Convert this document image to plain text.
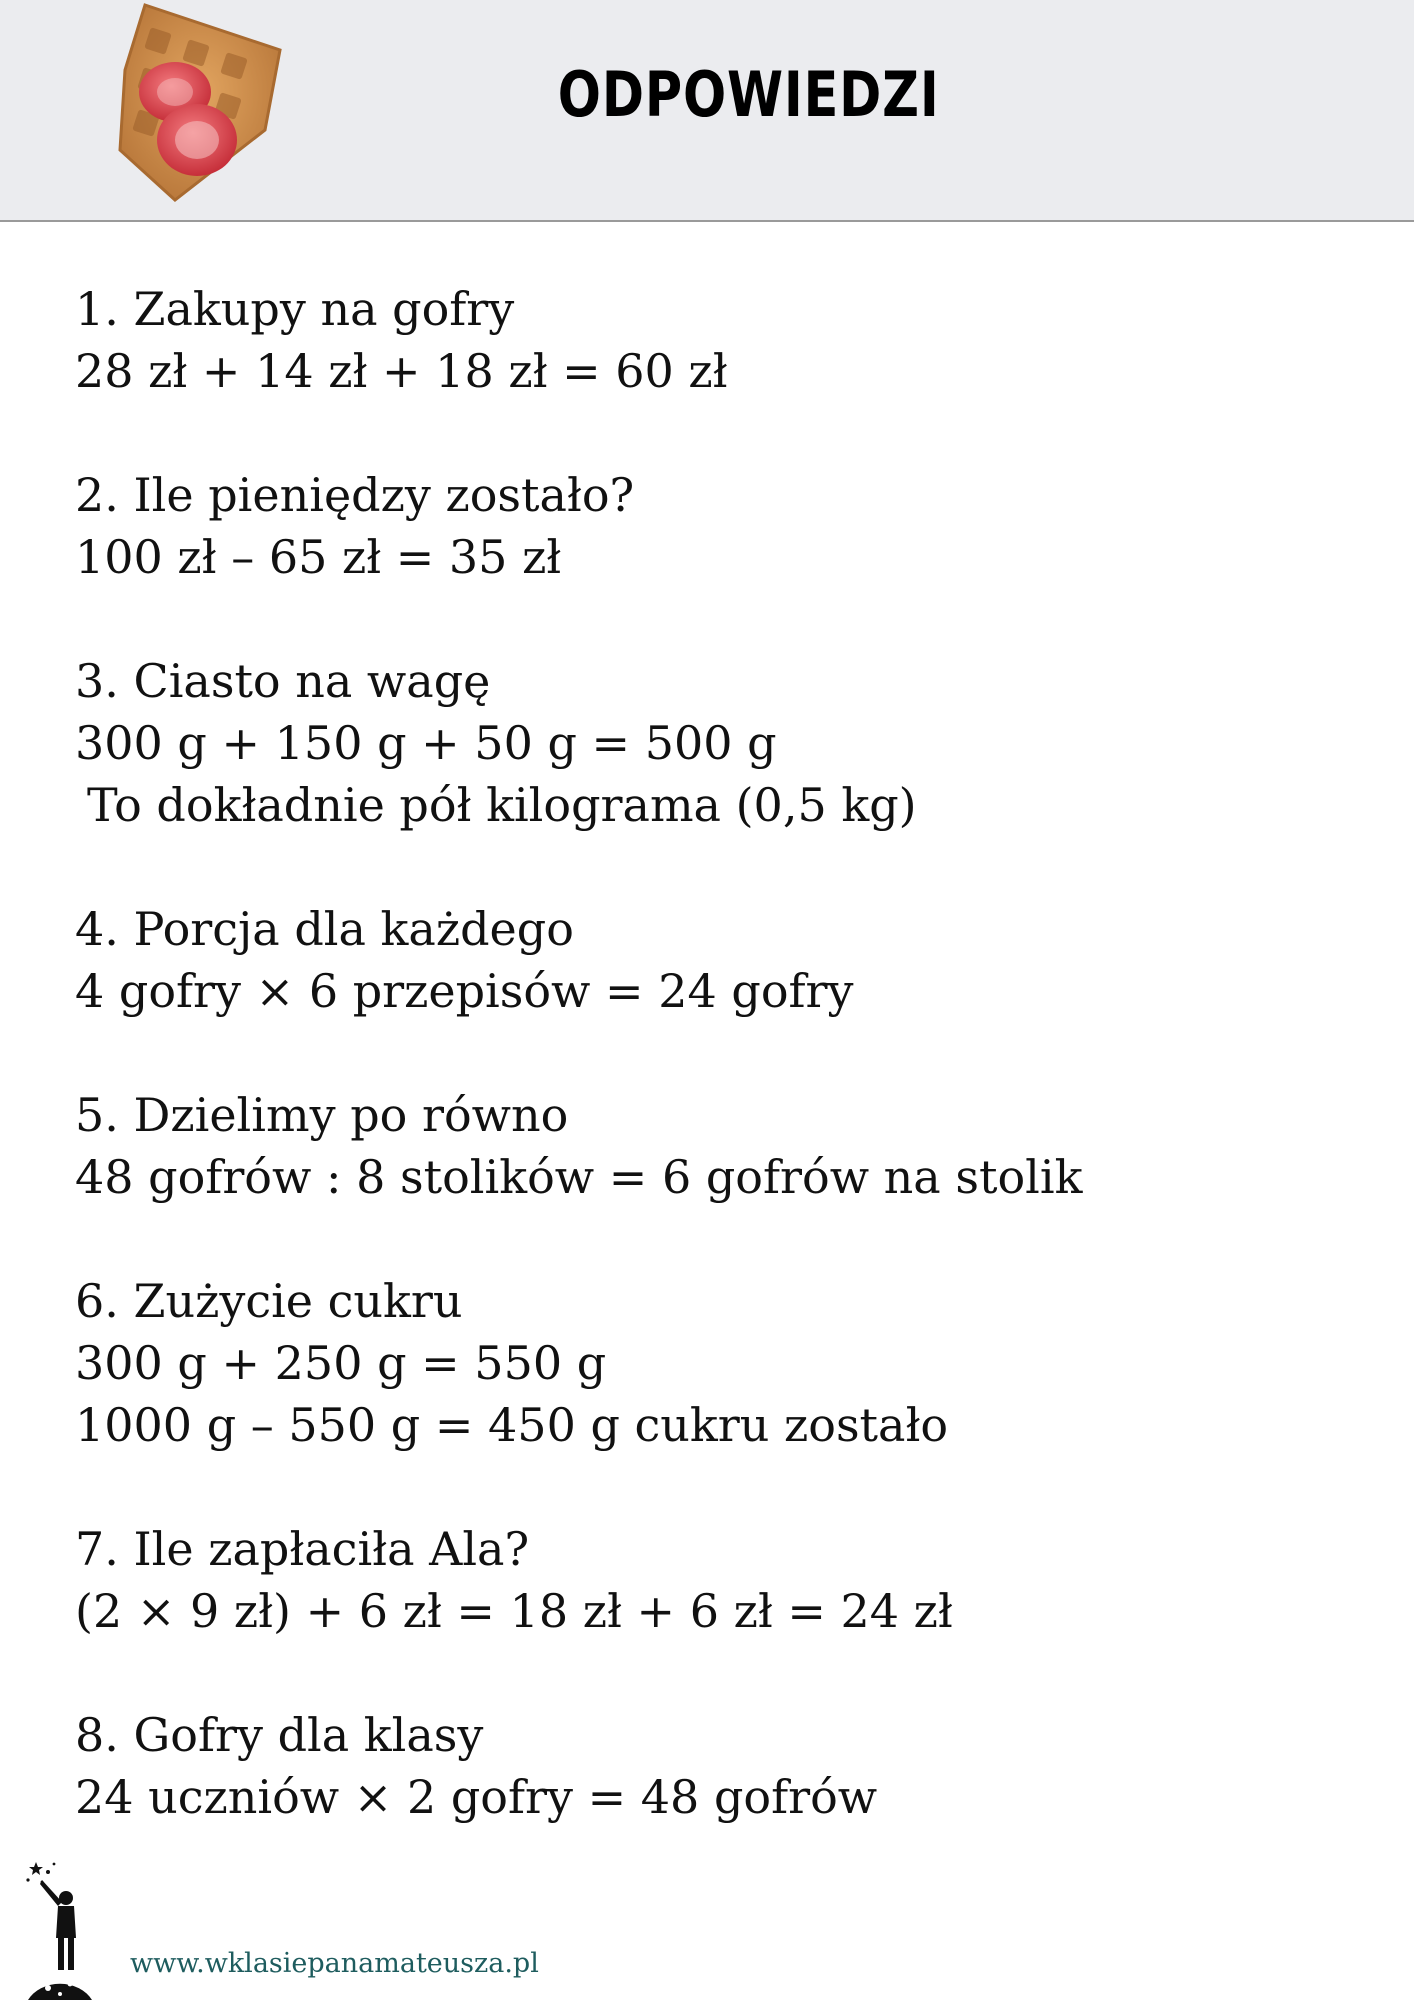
ODPOWIEDZI
1. Zakupy na gofry
28 zł + 14 zł + 18 zł = 60 zł
2. Ile pieniędzy zostało?
100 zł – 65 zł = 35 zł
3. Ciasto na wagę
300 g + 150 g + 50 g = 500 g
To dokładnie pół kilograma (0,5 kg)
4. Porcja dla każdego
4 gofry × 6 przepisów = 24 gofry
5. Dzielimy po równo
48 gofrów : 8 stolików = 6 gofrów na stolik
6. Zużycie cukru
300 g + 250 g = 550 g
1000 g – 550 g = 450 g cukru zostało
7. Ile zapłaciła Ala?
(2 × 9 zł) + 6 zł = 18 zł + 6 zł = 24 zł
8. Gofry dla klasy
24 uczniów × 2 gofry = 48 gofrów
www.wklasiepanamateusza.pl
